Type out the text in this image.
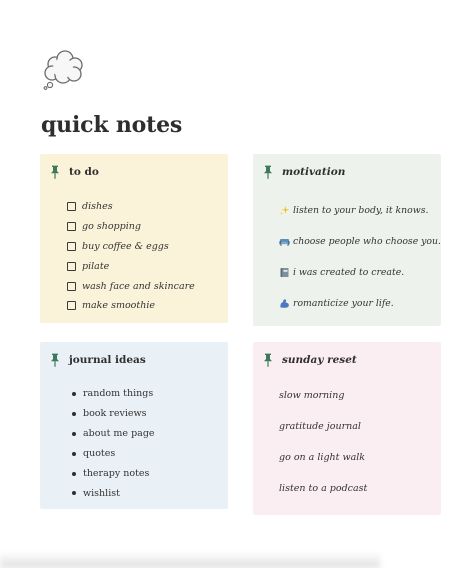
quick notes
to do
dishes
go shopping
buy coffee & eggs
pilate
wash face and skincare
make smoothie
motivation
listen to your body, it knows.
choose people who choose you.
i was created to create.
romanticize your life.
journal ideas
random things
book reviews
about me page
quotes
therapy notes
wishlist
sunday reset
slow morning
gratitude journal
go on a light walk
listen to a podcast
